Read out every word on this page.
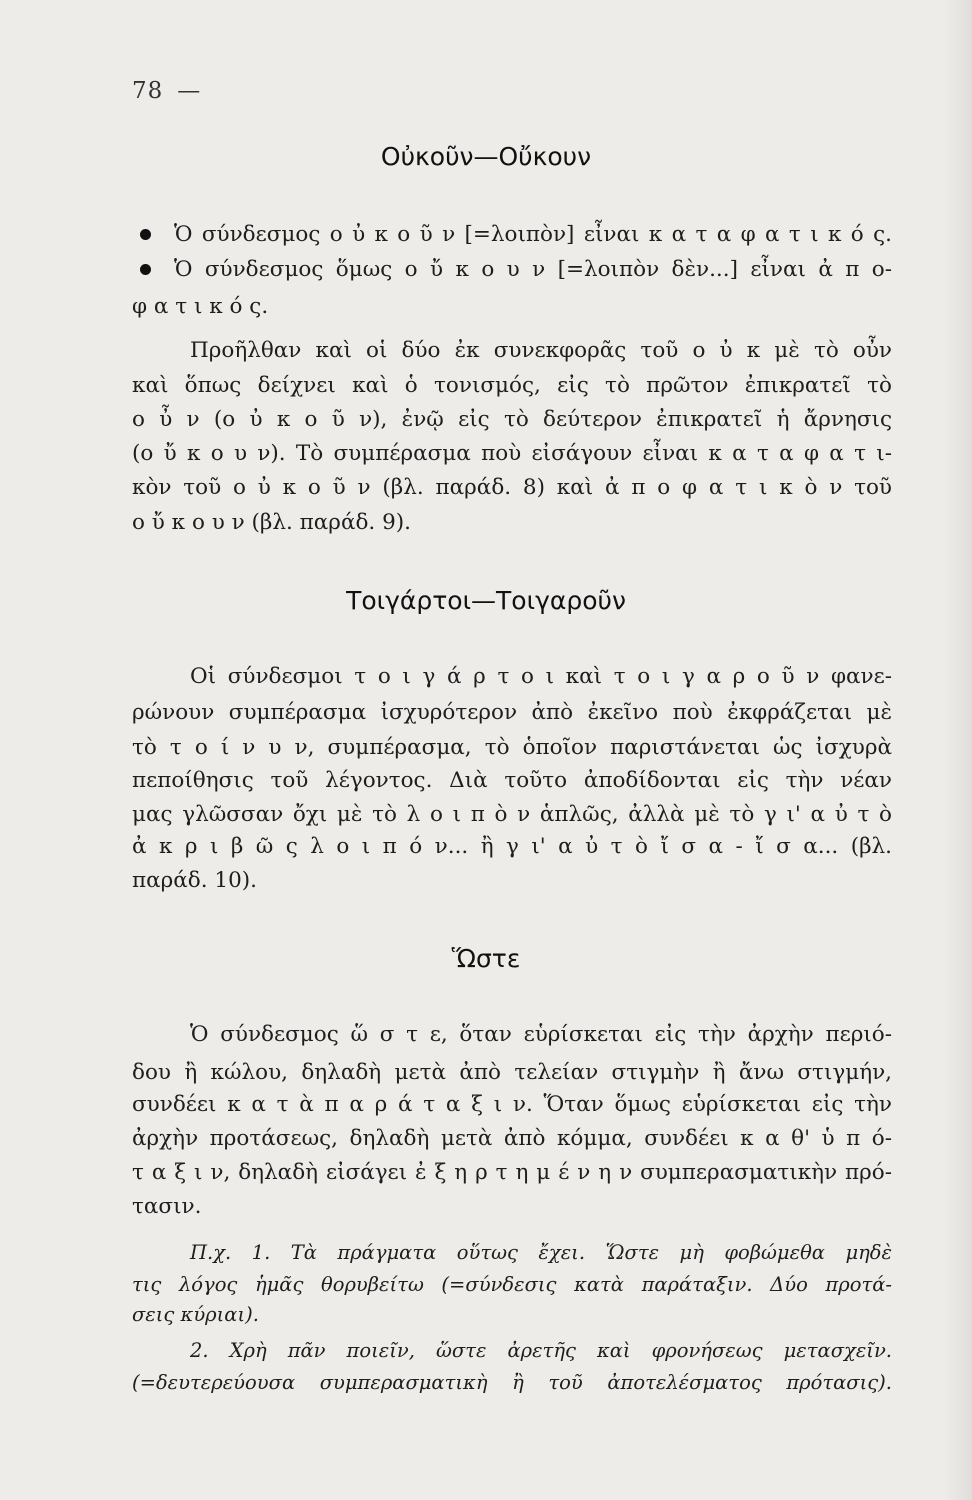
78 —
Οὐκοῦν—Οὔκουν
Ὁ σύνδεσμος ο ὐ κ ο ῦ ν [=λοιπὸν] εἶναι κ α τ α φ α τ ι κ ό ς.
Ὁ σύνδεσμος ὅμως ο ὔ κ ο υ ν [=λοιπὸν δὲν...] εἶναι ἀ π ο-
φ α τ ι κ ό ς.
Προῆλθαν καὶ οἱ δύο ἐκ συνεκφορᾶς τοῦ ο ὐ κ μὲ τὸ οὖν
καὶ ὅπως δείχνει καὶ ὁ τονισμός, εἰς τὸ πρῶτον ἐπικρατεῖ τὸ
ο ὖ ν (ο ὐ κ ο ῦ ν), ἐνῷ εἰς τὸ δεύτερον ἐπικρατεῖ ἡ ἄρνησις
(ο ὔ κ ο υ ν). Τὸ συμπέρασμα ποὺ εἰσάγουν εἶναι κ α τ α φ α τ ι-
κὸν τοῦ ο ὐ κ ο ῦ ν (βλ. παράδ. 8) καὶ ἀ π ο φ α τ ι κ ὸ ν τοῦ
ο ὔ κ ο υ ν (βλ. παράδ. 9).
Τοιγάρτοι—Τοιγαροῦν
Οἱ σύνδεσμοι τ ο ι γ ά ρ τ ο ι καὶ τ ο ι γ α ρ ο ῦ ν φανε-
ρώνουν συμπέρασμα ἰσχυρότερον ἀπὸ ἐκεῖνο ποὺ ἐκφράζεται μὲ
τὸ τ ο ί ν υ ν, συμπέρασμα, τὸ ὁποῖον παριστάνεται ὡς ἰσχυρὰ
πεποίθησις τοῦ λέγοντος. Διὰ τοῦτο ἀποδίδονται εἰς τὴν νέαν
μας γλῶσσαν ὄχι μὲ τὸ λ ο ι π ὸ ν ἁπλῶς, ἀλλὰ μὲ τὸ γ ι' α ὐ τ ὸ
ἀ κ ρ ι β ῶ ς λ ο ι π ό ν... ἢ γ ι' α ὐ τ ὸ ἴ σ α - ἴ σ α... (βλ.
παράδ. 10).
Ὥστε
Ὁ σύνδεσμος ὥ σ τ ε, ὅταν εὑρίσκεται εἰς τὴν ἀρχὴν περιό-
δου ἢ κώλου, δηλαδὴ μετὰ ἀπὸ τελείαν στιγμὴν ἢ ἄνω στιγμήν,
συνδέει κ α τ ὰ π α ρ ά τ α ξ ι ν. Ὅταν ὅμως εὑρίσκεται εἰς τὴν
ἀρχὴν προτάσεως, δηλαδὴ μετὰ ἀπὸ κόμμα, συνδέει κ α θ' ὑ π ό-
τ α ξ ι ν, δηλαδὴ εἰσάγει ἐ ξ η ρ τ η μ έ ν η ν συμπερασματικὴν πρό-
τασιν.
Π.χ. 1. Τὰ πράγματα οὕτως ἔχει. Ὥστε μὴ φοβώμεθα μηδὲ
τις λόγος ἡμᾶς θορυβείτω (=σύνδεσις κατὰ παράταξιν. Δύο προτά-
σεις κύριαι).
2. Χρὴ πᾶν ποιεῖν, ὥστε ἀρετῆς καὶ φρονήσεως μετασχεῖν.
(=δευτερεύουσα συμπερασματικὴ ἢ τοῦ ἀποτελέσματος πρότασις).
